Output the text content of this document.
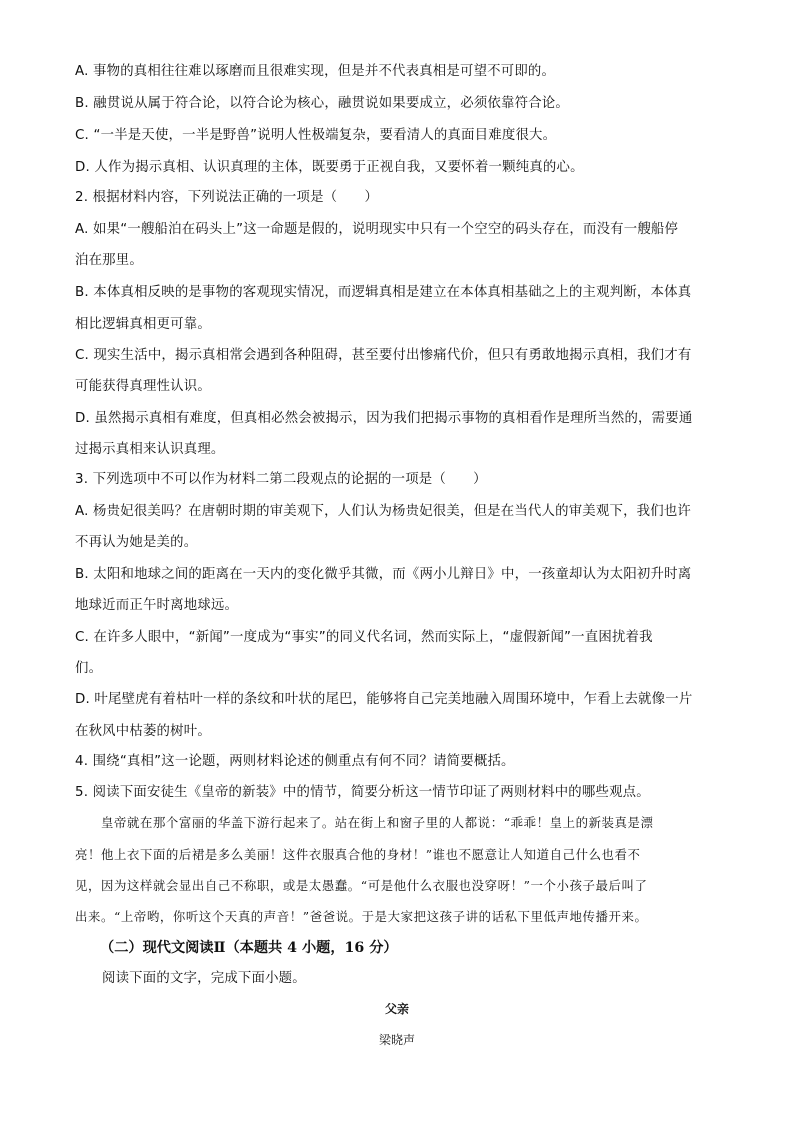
A. 事物的真相往往难以琢磨而且很难实现，但是并不代表真相是可望不可即的。
B. 融贯说从属于符合论，以符合论为核心，融贯说如果要成立，必须依靠符合论。
C. “一半是天使，一半是野兽”说明人性极端复杂，要看清人的真面目难度很大。
D. 人作为揭示真相、认识真理的主体，既要勇于正视自我，又要怀着一颗纯真的心。
2. 根据材料内容，下列说法正确的一项是（　　）
A. 如果“一艘船泊在码头上”这一命题是假的，说明现实中只有一个空空的码头存在，而没有一艘船停
泊在那里。
B. 本体真相反映的是事物的客观现实情况，而逻辑真相是建立在本体真相基础之上的主观判断，本体真
相比逻辑真相更可靠。
C. 现实生活中，揭示真相常会遇到各种阻碍，甚至要付出惨痛代价，但只有勇敢地揭示真相，我们才有
可能获得真理性认识。
D. 虽然揭示真相有难度，但真相必然会被揭示，因为我们把揭示事物的真相看作是理所当然的，需要通
过揭示真相来认识真理。
3. 下列选项中不可以作为材料二第二段观点的论据的一项是（　　）
A. 杨贵妃很美吗？在唐朝时期的审美观下，人们认为杨贵妃很美，但是在当代人的审美观下，我们也许
不再认为她是美的。
B. 太阳和地球之间的距离在一天内的变化微乎其微，而《两小儿辩日》中，一孩童却认为太阳初升时离
地球近而正午时离地球远。
C. 在许多人眼中，“新闻”一度成为“事实”的同义代名词，然而实际上，“虚假新闻”一直困扰着我
们。
D. 叶尾壁虎有着枯叶一样的条纹和叶状的尾巴，能够将自己完美地融入周围环境中，乍看上去就像一片
在秋风中枯萎的树叶。
4. 围绕“真相”这一论题，两则材料论述的侧重点有何不同？请简要概括。
5. 阅读下面安徒生《皇帝的新装》中的情节，简要分析这一情节印证了两则材料中的哪些观点。
　　皇帝就在那个富丽的华盖下游行起来了。站在街上和窗子里的人都说：“乖乖！皇上的新装真是漂
亮！他上衣下面的后裙是多么美丽！这件衣服真合他的身材！”谁也不愿意让人知道自己什么也看不
见，因为这样就会显出自己不称职，或是太愚蠢。“可是他什么衣服也没穿呀！”一个小孩子最后叫了
出来。“上帝哟，你听这个天真的声音！”爸爸说。于是大家把这孩子讲的话私下里低声地传播开来。
（二）现代文阅读Ⅱ（本题共 4 小题，16 分）
阅读下面的文字，完成下面小题。
父亲
梁晓声
